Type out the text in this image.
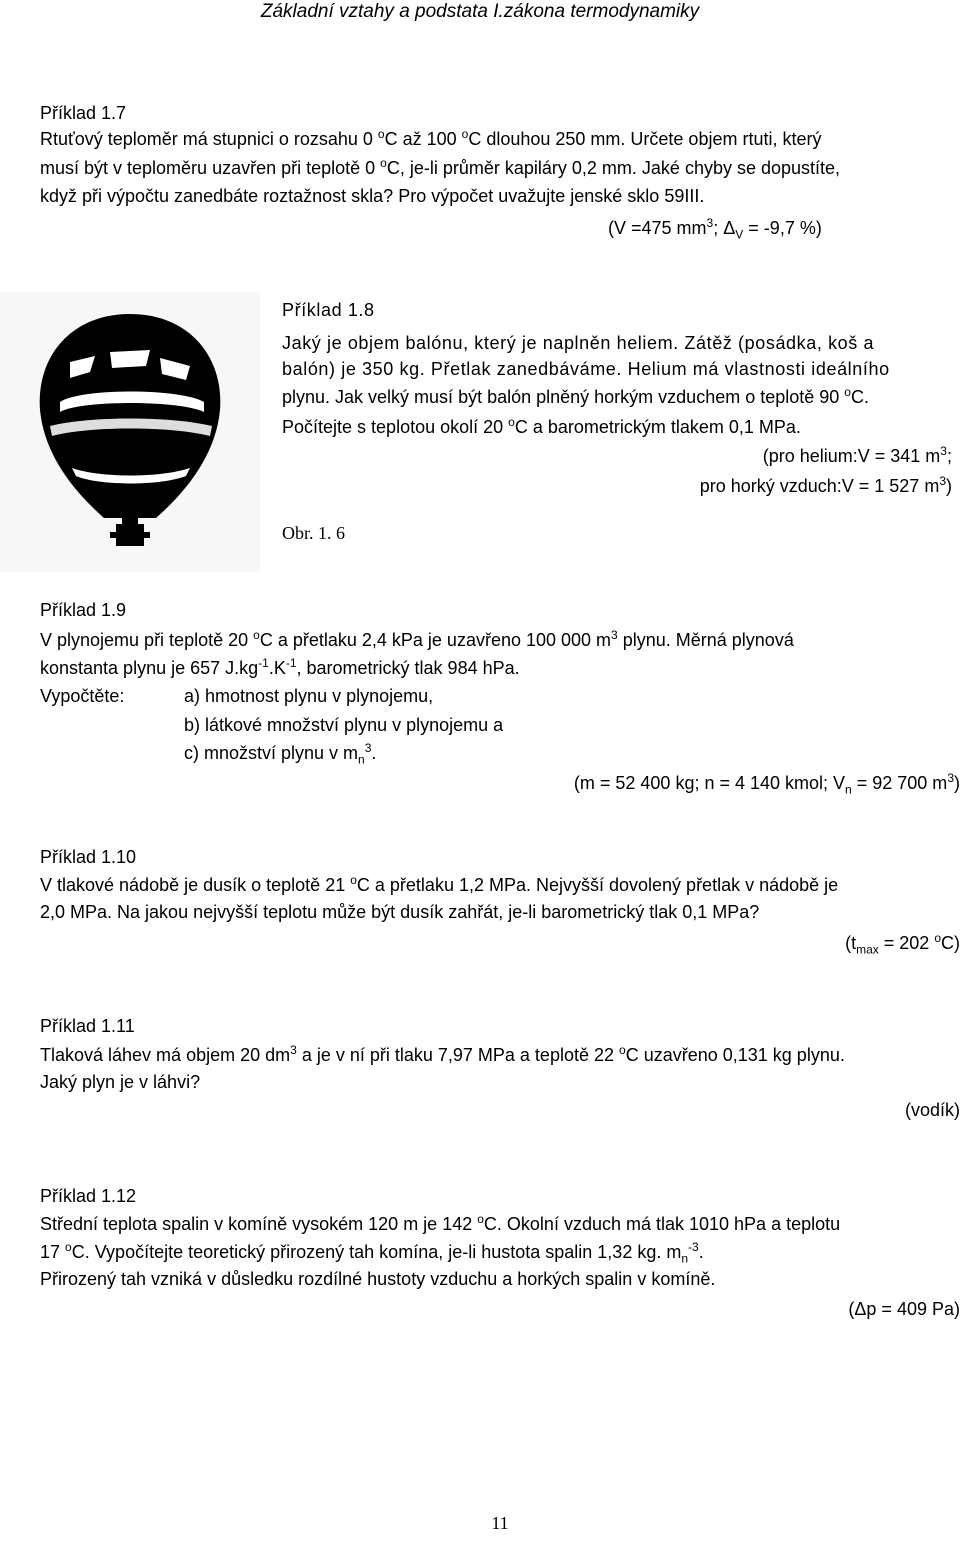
Základní vztahy a podstata I.zákona termodynamiky
Příklad 1.7
Rtuťový teploměr má stupnici o rozsahu 0 $^o$C až 100 $^o$C dlouhou 250 mm. Určete objem rtuti, který
musí být v teploměru uzavřen při teplotě 0 $^o$C, je-li průměr kapiláry 0,2 mm. Jaké chyby se dopustíte,
když při výpočtu zanedbáte roztažnost skla? Pro výpočet uvažujte jenské sklo 59III.
(V =475 $mm^3$; $\Delta_V = -9,7$ %)
Příklad 1.8
Jaký je objem balónu, který je naplněn heliem. Zátěž (posádka, koš a
balón) je 350 kg. Přetlak zanedbáváme. Helium má vlastnosti ideálního
plynu. Jak velký musí být balón plněný horkým vzduchem o teplotě 90 $^o$C.
Počítejte s teplotou okolí 20 $^o$C a barometrickým tlakem 0,1 MPa.
(pro helium:V = 341 $m^3$;
pro horký vzduch:V = 1 527 $m^3$)
Obr. 1. 6
Příklad 1.9
V plynojemu při teplotě 20 $^o$C a přetlaku 2,4 kPa je uzavřeno 100 000 $m^3$ plynu. Měrná plynová
konstanta plynu je 657 $J.kg^{-1}.K^{-1}$, barometrický tlak 984 hPa.
Vypočtěte:	a) hmotnost plynu v plynojemu,
b) látkové množství plynu v plynojemu a
c) množství plynu v $m_n^3$.
(m = 52 400 kg; n = 4 140 kmol; $V_n = 92$ 700 $m^3$)
Příklad 1.10
V tlakové nádobě je dusík o teplotě 21 $^o$C a přetlaku 1,2 MPa. Nejvyšší dovolený přetlak v nádobě je
2,0 MPa. Na jakou nejvyšší teplotu může být dusík zahřát, je-li barometrický tlak 0,1 MPa?
($t_{max} = 202$ $^o$C)
Příklad 1.11
Tlaková láhev má objem 20 $dm^3$ a je v ní při tlaku 7,97 MPa a teplotě 22 $^o$C uzavřeno 0,131 kg plynu.
Jaký plyn je v láhvi?
(vodík)
Příklad 1.12
Střední teplota spalin v komíně vysokém 120 m je 142 $^o$C. Okolní vzduch má tlak 1010 hPa a teplotu
17 $^o$C. Vypočítejte teoretický přirozený tah komína, je-li hustota spalin 1,32 kg. $m_n^{-3}$.
Přirozený tah vzniká v důsledku rozdílné hustoty vzduchu a horkých spalin v komíně.
(Δp = 409 Pa)
11
